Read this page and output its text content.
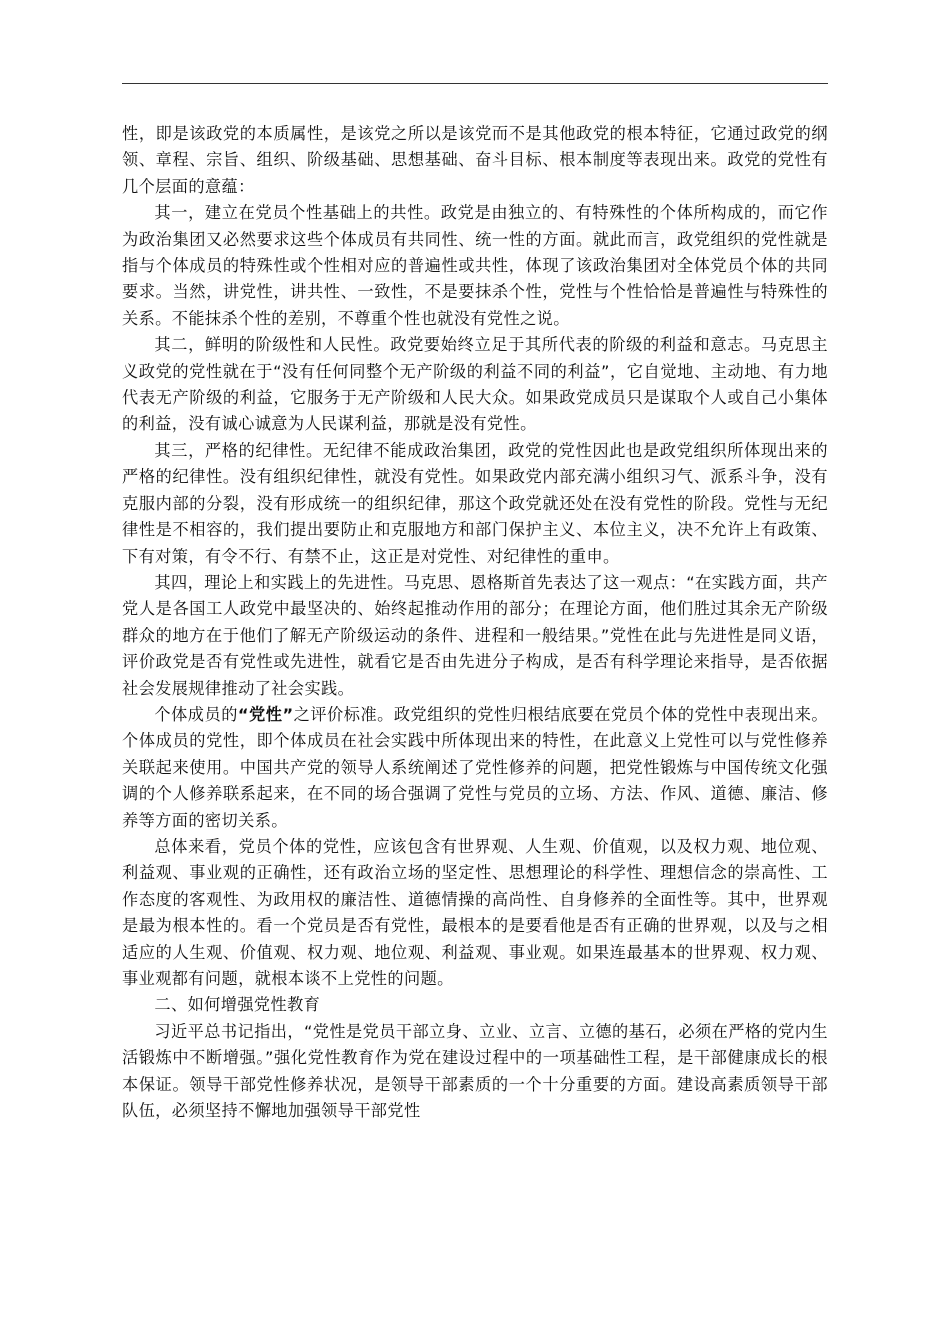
性，即是该政党的本质属性，是该党之所以是该党而不是其他政党的根本特征，它通过政党的纲领、章程、宗旨、组织、阶级基础、思想基础、奋斗目标、根本制度等表现出来。政党的党性有几个层面的意蕴：

其一，建立在党员个性基础上的共性。政党是由独立的、有特殊性的个体所构成的，而它作为政治集团又必然要求这些个体成员有共同性、统一性的方面。就此而言，政党组织的党性就是指与个体成员的特殊性或个性相对应的普遍性或共性，体现了该政治集团对全体党员个体的共同要求。当然，讲党性，讲共性、一致性，不是要抹杀个性，党性与个性恰恰是普遍性与特殊性的关系。不能抹杀个性的差别，不尊重个性也就没有党性之说。

其二，鲜明的阶级性和人民性。政党要始终立足于其所代表的阶级的利益和意志。马克思主义政党的党性就在于“没有任何同整个无产阶级的利益不同的利益”，它自觉地、主动地、有力地代表无产阶级的利益，它服务于无产阶级和人民大众。如果政党成员只是谋取个人或自己小集体的利益，没有诚心诚意为人民谋利益，那就是没有党性。

其三，严格的纪律性。无纪律不能成政治集团，政党的党性因此也是政党组织所体现出来的严格的纪律性。没有组织纪律性，就没有党性。如果政党内部充满小组织习气、派系斗争，没有克服内部的分裂，没有形成统一的组织纪律，那这个政党就还处在没有党性的阶段。党性与无纪律性是不相容的，我们提出要防止和克服地方和部门保护主义、本位主义，决不允许上有政策、下有对策，有令不行、有禁不止，这正是对党性、对纪律性的重申。

其四，理论上和实践上的先进性。马克思、恩格斯首先表达了这一观点：“在实践方面，共产党人是各国工人政党中最坚决的、始终起推动作用的部分；在理论方面，他们胜过其余无产阶级群众的地方在于他们了解无产阶级运动的条件、进程和一般结果。”党性在此与先进性是同义语，评价政党是否有党性或先进性，就看它是否由先进分子构成，是否有科学理论来指导，是否依据社会发展规律推动了社会实践。

个体成员的“党性”之评价标准。政党组织的党性归根结底要在党员个体的党性中表现出来。个体成员的党性，即个体成员在社会实践中所体现出来的特性，在此意义上党性可以与党性修养关联起来使用。中国共产党的领导人系统阐述了党性修养的问题，把党性锻炼与中国传统文化强调的个人修养联系起来，在不同的场合强调了党性与党员的立场、方法、作风、道德、廉洁、修养等方面的密切关系。

总体来看，党员个体的党性，应该包含有世界观、人生观、价值观，以及权力观、地位观、利益观、事业观的正确性，还有政治立场的坚定性、思想理论的科学性、理想信念的崇高性、工作态度的客观性、为政用权的廉洁性、道德情操的高尚性、自身修养的全面性等。其中，世界观是最为根本性的。看一个党员是否有党性，最根本的是要看他是否有正确的世界观，以及与之相适应的人生观、价值观、权力观、地位观、利益观、事业观。如果连最基本的世界观、权力观、事业观都有问题，就根本谈不上党性的问题。

二、如何增强党性教育

习近平总书记指出，“党性是党员干部立身、立业、立言、立德的基石，必须在严格的党内生活锻炼中不断增强。”强化党性教育作为党在建设过程中的一项基础性工程，是干部健康成长的根本保证。领导干部党性修养状况，是领导干部素质的一个十分重要的方面。建设高素质领导干部队伍，必须坚持不懈地加强领导干部党性
